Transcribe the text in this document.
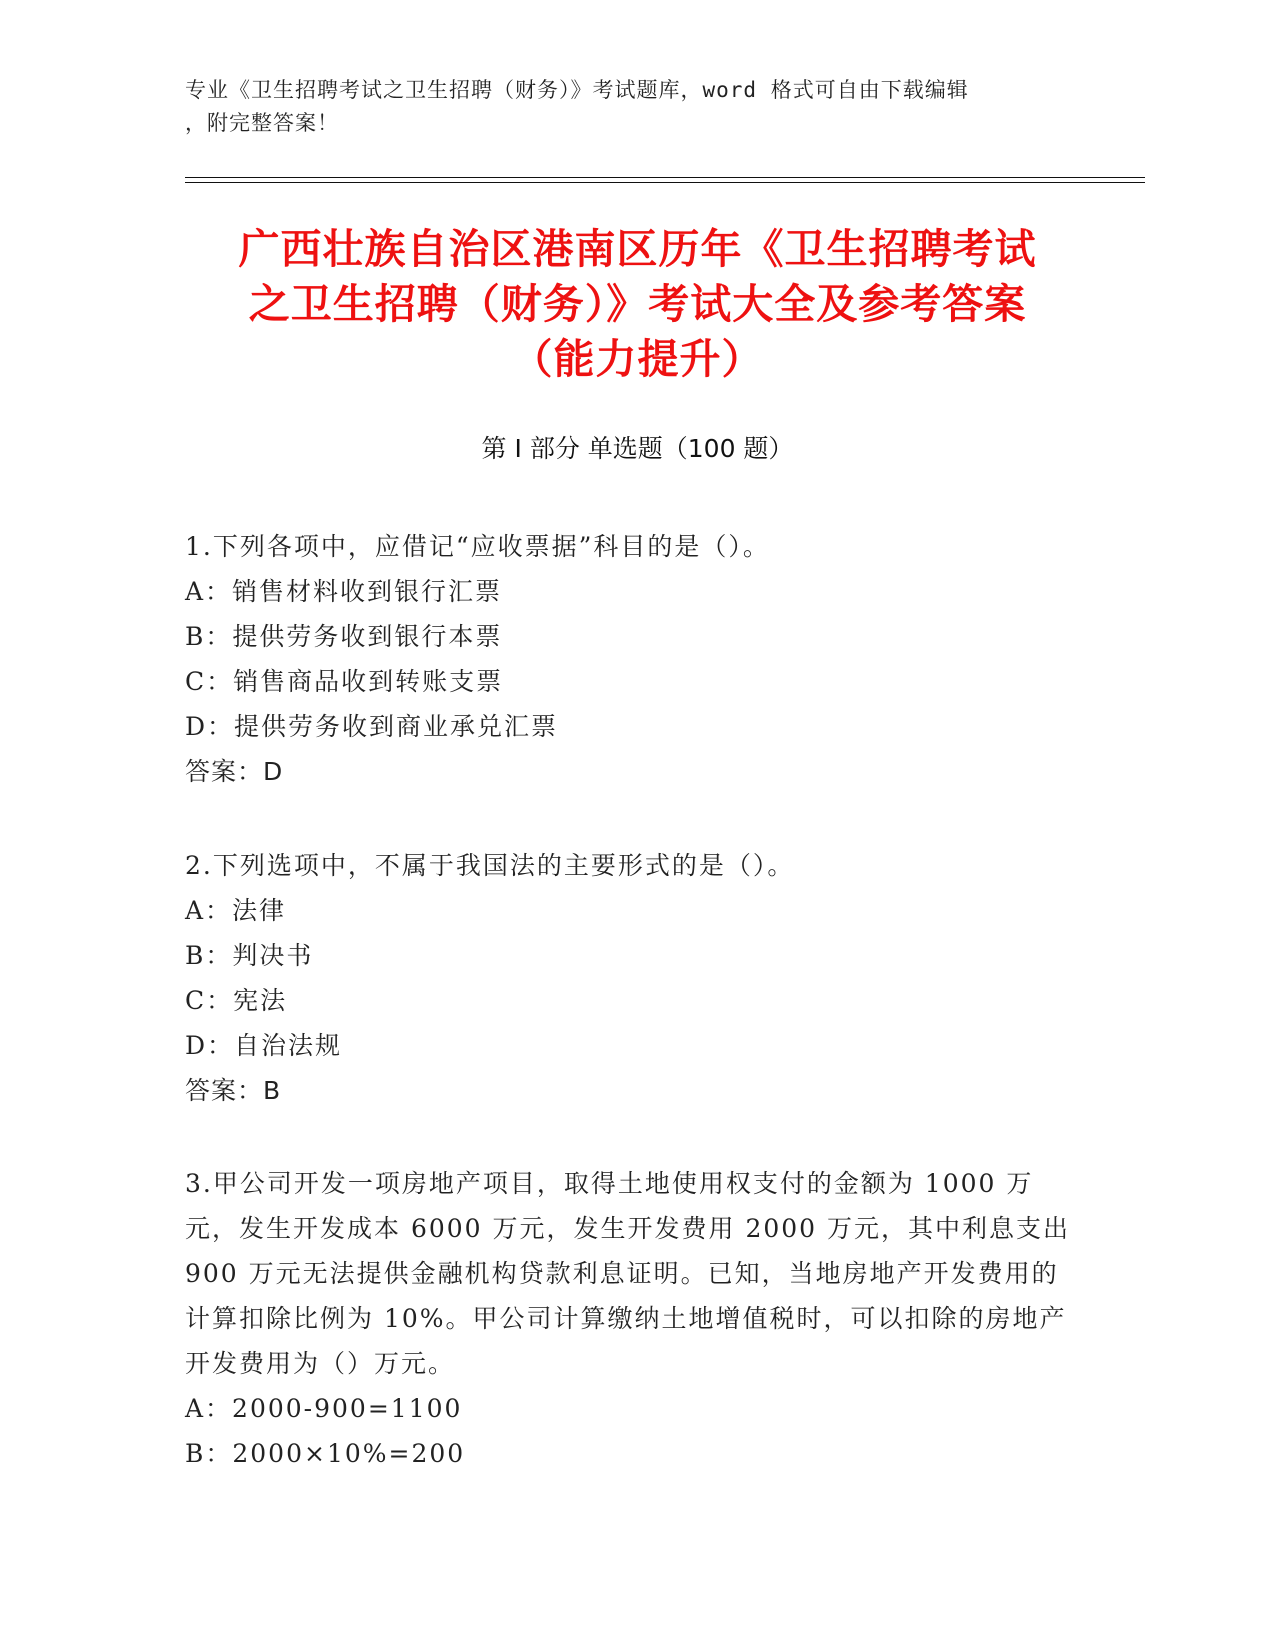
专业《卫生招聘考试之卫生招聘（财务）》考试题库，word 格式可自由下载编辑
，附完整答案！
广西壮族自治区港南区历年《卫生招聘考试
之卫生招聘（财务）》考试大全及参考答案
（能力提升）
第 I 部分 单选题（100 题）

1.下列各项中，应借记“应收票据”科目的是（）。

A：销售材料收到银行汇票

B：提供劳务收到银行本票

C：销售商品收到转账支票

D：提供劳务收到商业承兑汇票

答案：D

2.下列选项中，不属于我国法的主要形式的是（）。

A：法律

B：判决书

C：宪法

D：自治法规

答案：B

3.甲公司开发一项房地产项目，取得土地使用权支付的金额为 1000 万元，发生开发成本 6000 万元，发生开发费用 2000 万元，其中利息支出 900 万元无法提供金融机构贷款利息证明。已知，当地房地产开发费用的计算扣除比例为 10%。甲公司计算缴纳土地增值税时，可以扣除的房地产开发费用为（）万元。

A：2000-900=1100

B：2000×10%=200
